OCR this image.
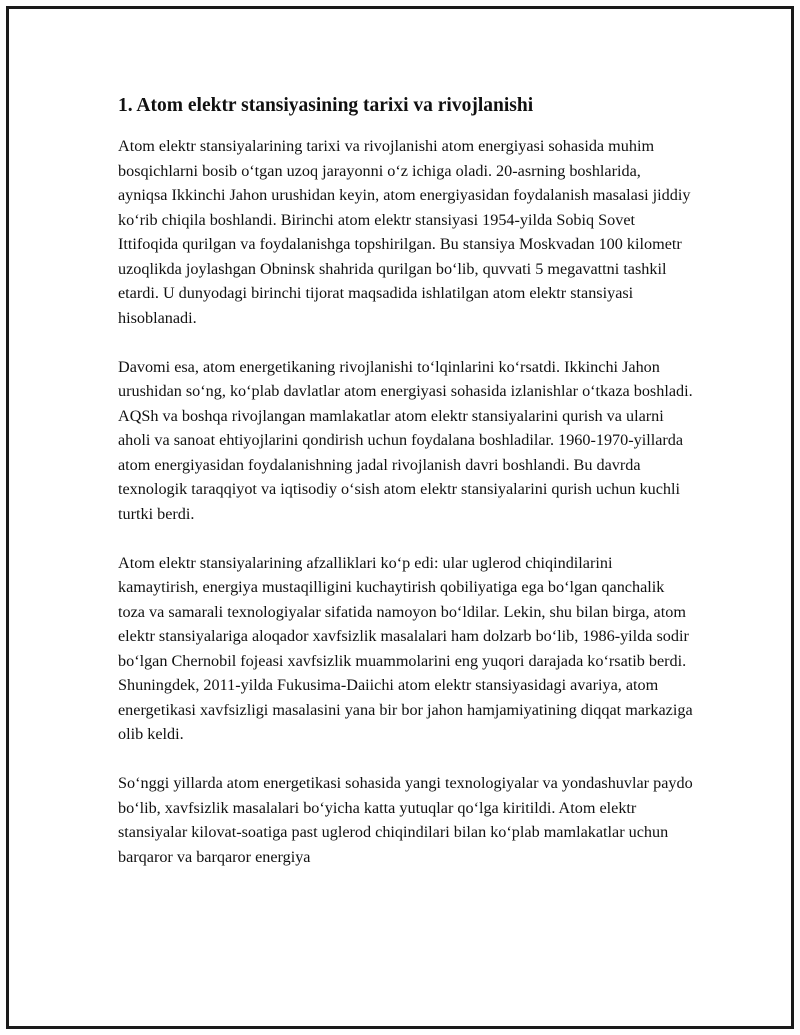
1. Atom elektr stansiyasining tarixi va rivojlanishi

Atom elektr stansiyalarining tarixi va rivojlanishi atom energiyasi sohasida muhim bosqichlarni bosib oʻtgan uzoq jarayonni oʻz ichiga oladi. 20-asrning boshlarida, ayniqsa Ikkinchi Jahon urushidan keyin, atom energiyasidan foydalanish masalasi jiddiy koʻrib chiqila boshlandi. Birinchi atom elektr stansiyasi 1954-yilda Sobiq Sovet Ittifoqida qurilgan va foydalanishga topshirilgan. Bu stansiya Moskvadan 100 kilometr uzoqlikda joylashgan Obninsk shahrida qurilgan boʻlib, quvvati 5 megavattni tashkil etardi. U dunyodagi birinchi tijorat maqsadida ishlatilgan atom elektr stansiyasi hisoblanadi.

Davomi esa, atom energetikaning rivojlanishi toʻlqinlarini koʻrsatdi. Ikkinchi Jahon urushidan soʻng, koʻplab davlatlar atom energiyasi sohasida izlanishlar oʻtkaza boshladi. AQSh va boshqa rivojlangan mamlakatlar atom elektr stansiyalarini qurish va ularni aholi va sanoat ehtiyojlarini qondirish uchun foydalana boshladilar. 1960-1970-yillarda atom energiyasidan foydalanishning jadal rivojlanish davri boshlandi. Bu davrda texnologik taraqqiyot va iqtisodiy oʻsish atom elektr stansiyalarini qurish uchun kuchli turtki berdi.

Atom elektr stansiyalarining afzalliklari koʻp edi: ular uglerod chiqindilarini kamaytirish, energiya mustaqilligini kuchaytirish qobiliyatiga ega boʻlgan qanchalik toza va samarali texnologiyalar sifatida namoyon boʻldilar. Lekin, shu bilan birga, atom elektr stansiyalariga aloqador xavfsizlik masalalari ham dolzarb boʻlib, 1986-yilda sodir boʻlgan Chernobil fojeasi xavfsizlik muammolarini eng yuqori darajada koʻrsatib berdi. Shuningdek, 2011-yilda Fukusima-Daiichi atom elektr stansiyasidagi avariya, atom energetikasi xavfsizligi masalasini yana bir bor jahon hamjamiyatining diqqat markaziga olib keldi.

Soʻnggi yillarda atom energetikasi sohasida yangi texnologiyalar va yondashuvlar paydo boʻlib, xavfsizlik masalalari boʻyicha katta yutuqlar qoʻlga kiritildi. Atom elektr stansiyalar kilovat-soatiga past uglerod chiqindilari bilan koʻplab mamlakatlar uchun barqaror va barqaror energiya
